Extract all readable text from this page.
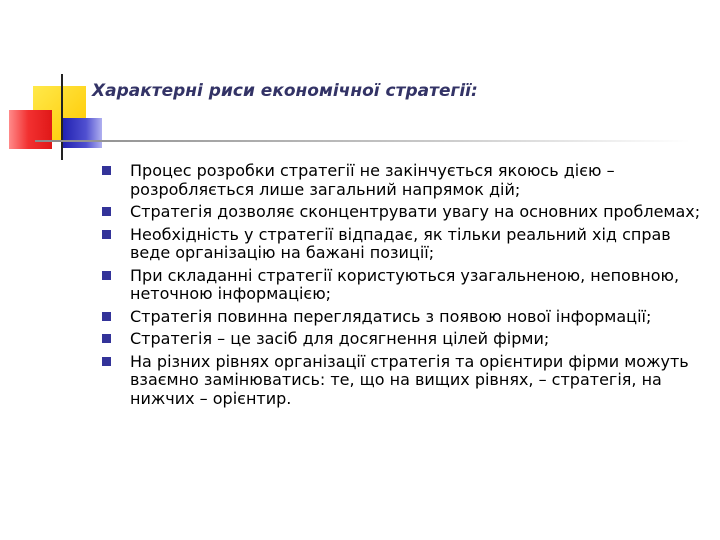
Характерні риси економічної стратегії:
Процес розробки стратегії не закінчується якоюсь дією – розробляється лише загальний напрямок дій;
Стратегія дозволяє сконцентрувати увагу на основних проблемах;
Необхідність у стратегії відпадає, як тільки реальний хід справ веде організацію на бажані позиції;
При складанні стратегії користуються узагальненою, неповною, неточною інформацією;
Стратегія повинна переглядатись з появою нової інформації;
Стратегія – це засіб для досягнення цілей фірми;
На різних рівнях організації стратегія та орієнтири фірми можуть взаємно замінюватись: те, що на вищих рівнях, – стратегія, на нижчих – орієнтир.
